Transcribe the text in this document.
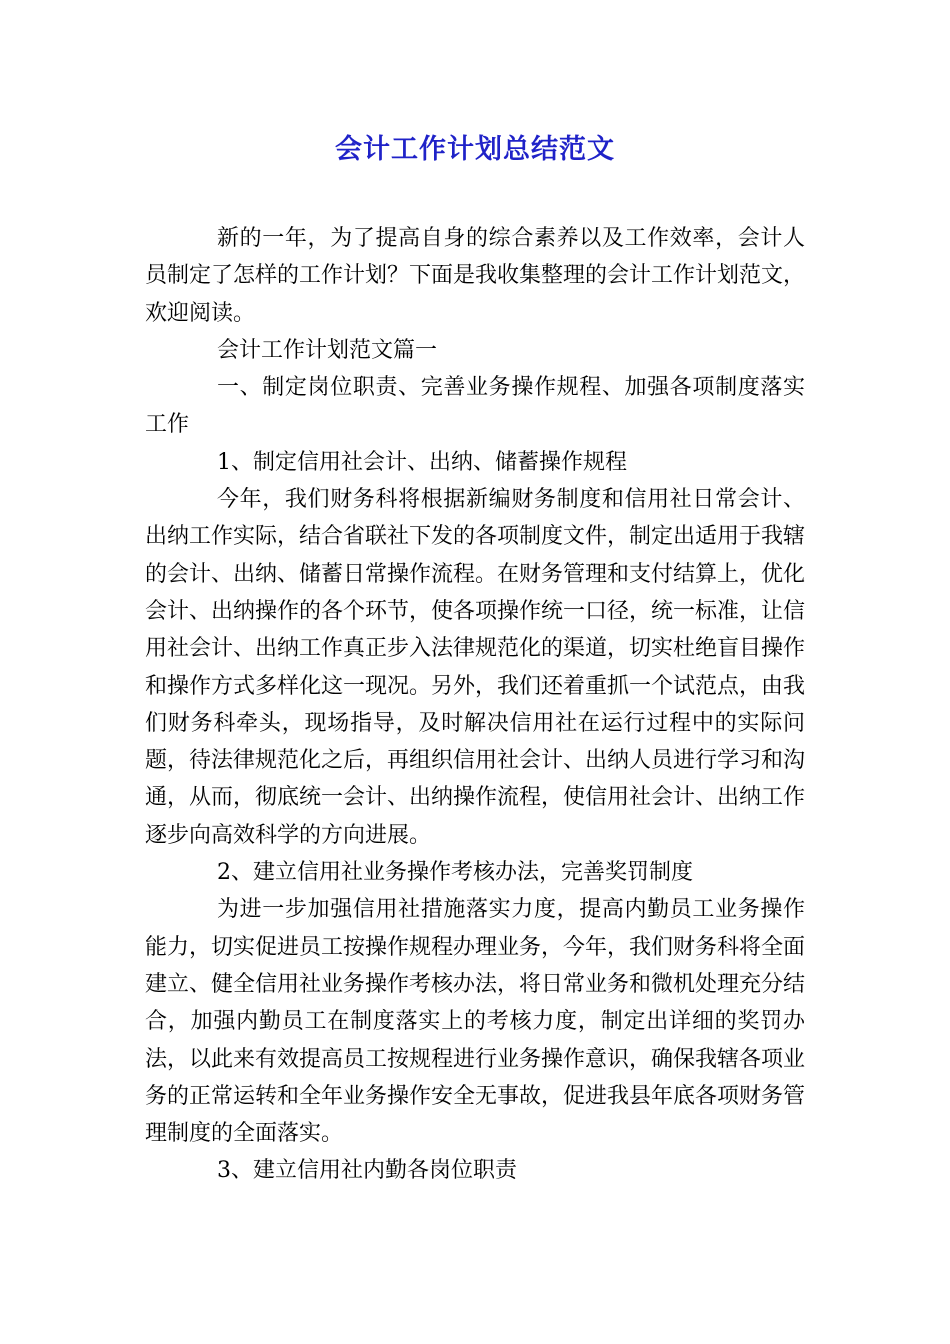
会计工作计划总结范文

新的一年，为了提高自身的综合素养以及工作效率，会计人员制定了怎样的工作计划？下面是我收集整理的会计工作计划范文，欢迎阅读。

会计工作计划范文篇一

一、制定岗位职责、完善业务操作规程、加强各项制度落实工作

1、制定信用社会计、出纳、储蓄操作规程

今年，我们财务科将根据新编财务制度和信用社日常会计、出纳工作实际，结合省联社下发的各项制度文件，制定出适用于我辖的会计、出纳、储蓄日常操作流程。在财务管理和支付结算上，优化会计、出纳操作的各个环节，使各项操作统一口径，统一标准，让信用社会计、出纳工作真正步入法律规范化的渠道，切实杜绝盲目操作和操作方式多样化这一现况。另外，我们还着重抓一个试范点，由我们财务科牵头，现场指导，及时解决信用社在运行过程中的实际问题，待法律规范化之后，再组织信用社会计、出纳人员进行学习和沟通，从而，彻底统一会计、出纳操作流程，使信用社会计、出纳工作逐步向高效科学的方向进展。

2、建立信用社业务操作考核办法，完善奖罚制度

为进一步加强信用社措施落实力度，提高内勤员工业务操作能力，切实促进员工按操作规程办理业务，今年，我们财务科将全面建立、健全信用社业务操作考核办法，将日常业务和微机处理充分结合，加强内勤员工在制度落实上的考核力度，制定出详细的奖罚办法，以此来有效提高员工按规程进行业务操作意识，确保我辖各项业务的正常运转和全年业务操作安全无事故，促进我县年底各项财务管理制度的全面落实。

3、建立信用社内勤各岗位职责
